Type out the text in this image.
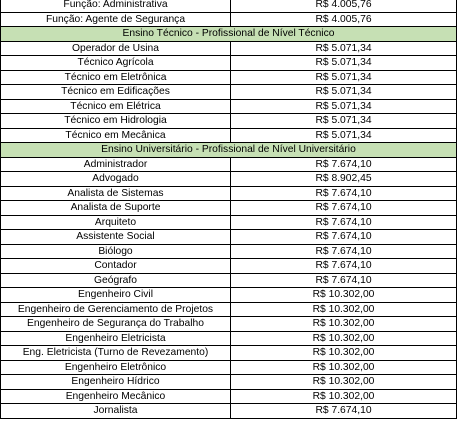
Função: Administrativa	R$ 4.005,76
Função: Agente de Segurança	R$ 4.005,76
Ensino Técnico - Profissional de Nível Técnico	
Operador de Usina	R$ 5.071,34
Técnico Agrícola	R$ 5.071,34
Técnico em Eletrônica	R$ 5.071,34
Técnico em Edificações	R$ 5.071,34
Técnico em Elétrica	R$ 5.071,34
Técnico em Hidrologia	R$ 5.071,34
Técnico em Mecânica	R$ 5.071,34
Ensino Universitário - Profissional de Nível Universitário	
Administrador	R$ 7.674,10
Advogado	R$ 8.902,45
Analista de Sistemas	R$ 7.674,10
Analista de Suporte	R$ 7.674,10
Arquiteto	R$ 7.674,10
Assistente Social	R$ 7.674,10
Biólogo	R$ 7.674,10
Contador	R$ 7.674,10
Geógrafo	R$ 7.674,10
Engenheiro Civil	R$ 10.302,00
Engenheiro de Gerenciamento de Projetos	R$ 10.302,00
Engenheiro de Segurança do Trabalho	R$ 10.302,00
Engenheiro Eletricista	R$ 10.302,00
Eng. Eletricista (Turno de Revezamento)	R$ 10.302,00
Engenheiro Eletrônico	R$ 10.302,00
Engenheiro Hídrico	R$ 10.302,00
Engenheiro Mecânico	R$ 10.302,00
Jornalista	R$ 7.674,10
